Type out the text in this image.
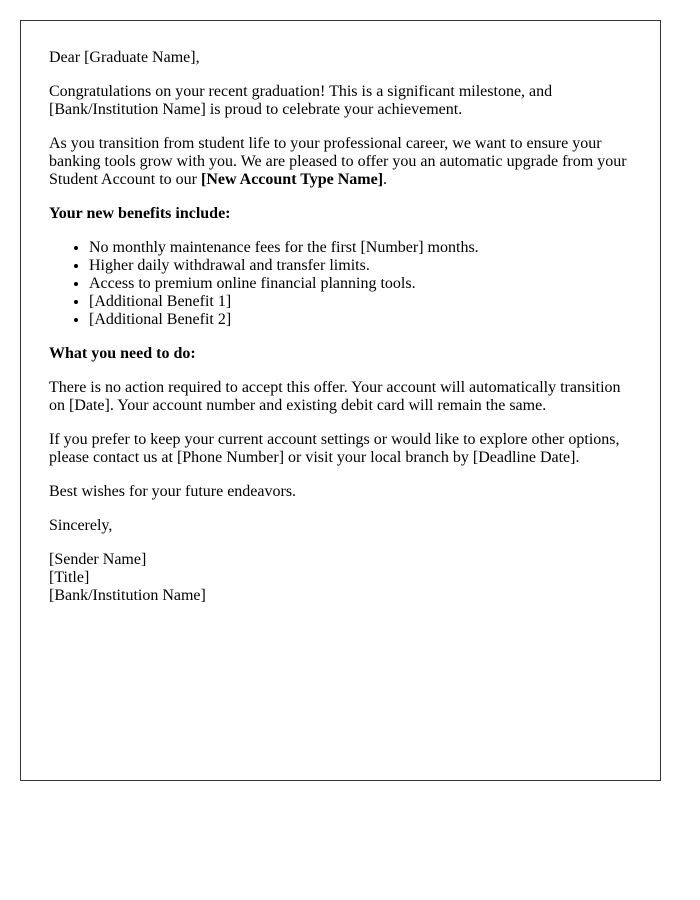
Dear [Graduate Name],

Congratulations on your recent graduation! This is a significant milestone, and [Bank/Institution Name] is proud to celebrate your achievement.

As you transition from student life to your professional career, we want to ensure your banking tools grow with you. We are pleased to offer you an automatic upgrade from your Student Account to our [New Account Type Name].

Your new benefits include:

• No monthly maintenance fees for the first [Number] months.
• Higher daily withdrawal and transfer limits.
• Access to premium online financial planning tools.
• [Additional Benefit 1]
• [Additional Benefit 2]

What you need to do:

There is no action required to accept this offer. Your account will automatically transition on [Date]. Your account number and existing debit card will remain the same.

If you prefer to keep your current account settings or would like to explore other options, please contact us at [Phone Number] or visit your local branch by [Deadline Date].

Best wishes for your future endeavors.

Sincerely,

[Sender Name]
[Title]
[Bank/Institution Name]
